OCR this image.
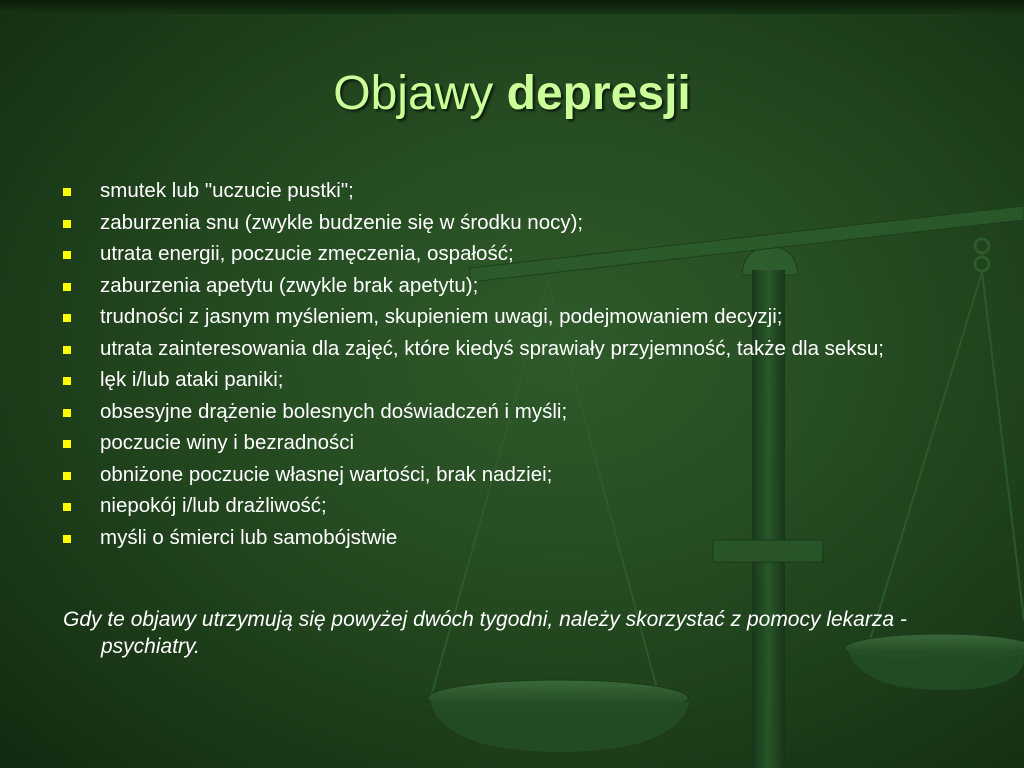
Objawy depresji
smutek lub "uczucie pustki";
zaburzenia snu (zwykle budzenie się w środku nocy);
utrata energii, poczucie zmęczenia, ospałość;
zaburzenia apetytu (zwykle brak apetytu);
trudności z jasnym myśleniem, skupieniem uwagi, podejmowaniem decyzji;
utrata zainteresowania dla zajęć, które kiedyś sprawiały przyjemność, także dla seksu;
lęk i/lub ataki paniki;
obsesyjne drążenie bolesnych doświadczeń i myśli;
poczucie winy i bezradności
obniżone poczucie własnej wartości, brak nadziei;
niepokój i/lub drażliwość;
myśli o śmierci lub samobójstwie

Gdy te objawy utrzymują się powyżej dwóch tygodni, należy skorzystać z pomocy lekarza -psychiatry.
